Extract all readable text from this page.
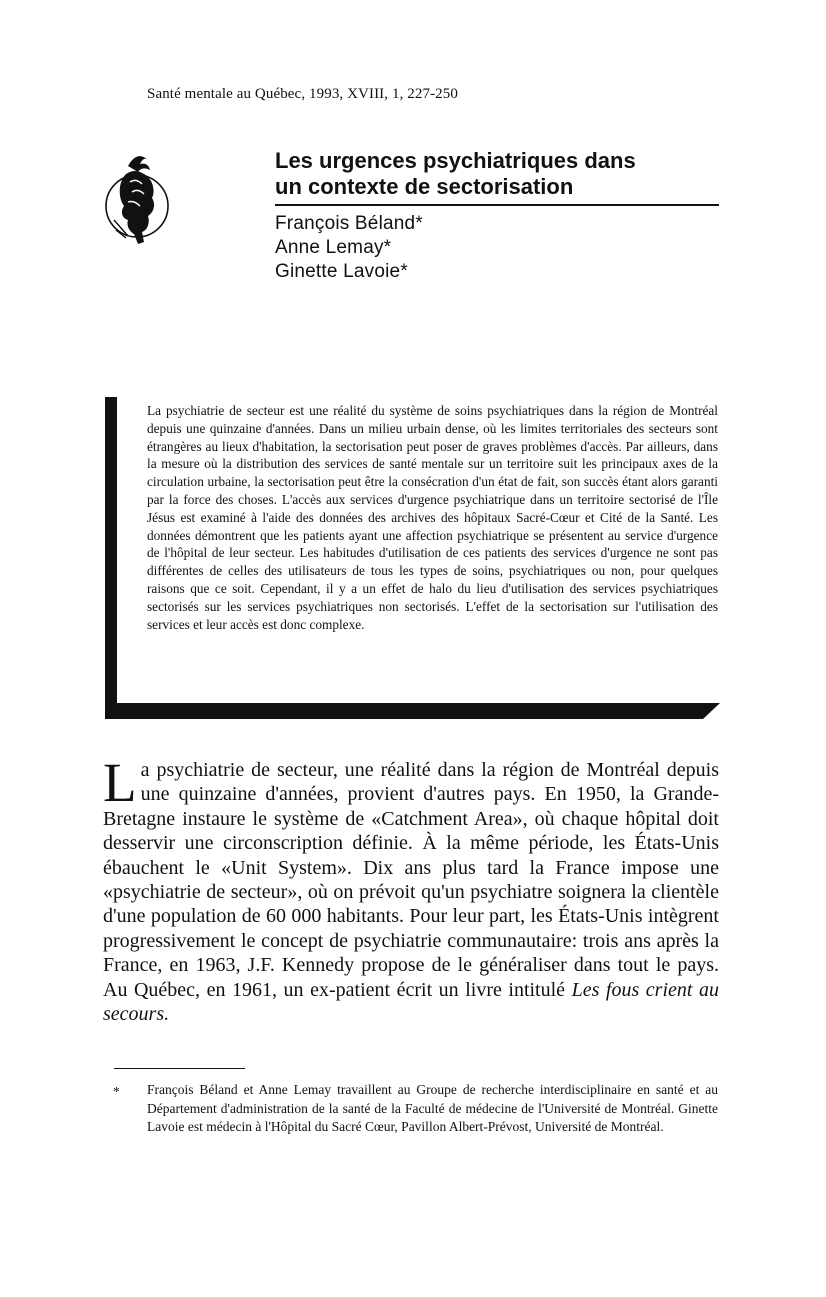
Santé mentale au Québec, 1993, XVIII, 1, 227-250
Les urgences psychiatriques dans
un contexte de sectorisation
François Béland*
Anne Lemay*
Ginette Lavoie*

La psychiatrie de secteur est une réalité du système de soins psychiatriques dans la région de Montréal depuis une quinzaine d'années. Dans un milieu urbain dense, où les limites territoriales des secteurs sont étrangères au lieux d'habitation, la sectorisation peut poser de graves problèmes d'accès. Par ailleurs, dans la mesure où la distribution des services de santé mentale sur un territoire suit les principaux axes de la circulation urbaine, la sectorisation peut être la consécration d'un état de fait, son succès étant alors garanti par la force des choses. L'accès aux services d'urgence psychiatrique dans un territoire sectorisé de l'Île Jésus est examiné à l'aide des données des archives des hôpitaux Sacré-Cœur et Cité de la Santé. Les données démontrent que les patients ayant une affection psychiatrique se présentent au service d'urgence de l'hôpital de leur secteur. Les habitudes d'utilisation de ces patients des services d'urgence ne sont pas différentes de celles des utilisateurs de tous les types de soins, psychiatriques ou non, pour quelques raisons que ce soit. Cependant, il y a un effet de halo du lieu d'utilisation des services psychiatriques sectorisés sur les services psychiatriques non sectorisés. L'effet de la sectorisation sur l'utilisation des services et leur accès est donc complexe.

La psychiatrie de secteur, une réalité dans la région de Montréal depuis une quinzaine d'années, provient d'autres pays. En 1950, la Grande-Bretagne instaure le système de «Catchment Area», où chaque hôpital doit desservir une circonscription définie. À la même période, les États-Unis ébauchent le «Unit System». Dix ans plus tard la France impose une «psychiatrie de secteur», où on prévoit qu'un psychiatre soignera la clientèle d'une population de 60 000 habitants. Pour leur part, les États-Unis intègrent progressivement le concept de psychiatrie communautaire: trois ans après la France, en 1963, J.F. Kennedy propose de le généraliser dans tout le pays. Au Québec, en 1961, un ex-patient écrit un livre intitulé Les fous crient au secours.

* François Béland et Anne Lemay travaillent au Groupe de recherche interdisciplinaire en santé et au Département d'administration de la santé de la Faculté de médecine de l'Université de Montréal. Ginette Lavoie est médecin à l'Hôpital du Sacré Cœur, Pavillon Albert-Prévost, Université de Montréal.
